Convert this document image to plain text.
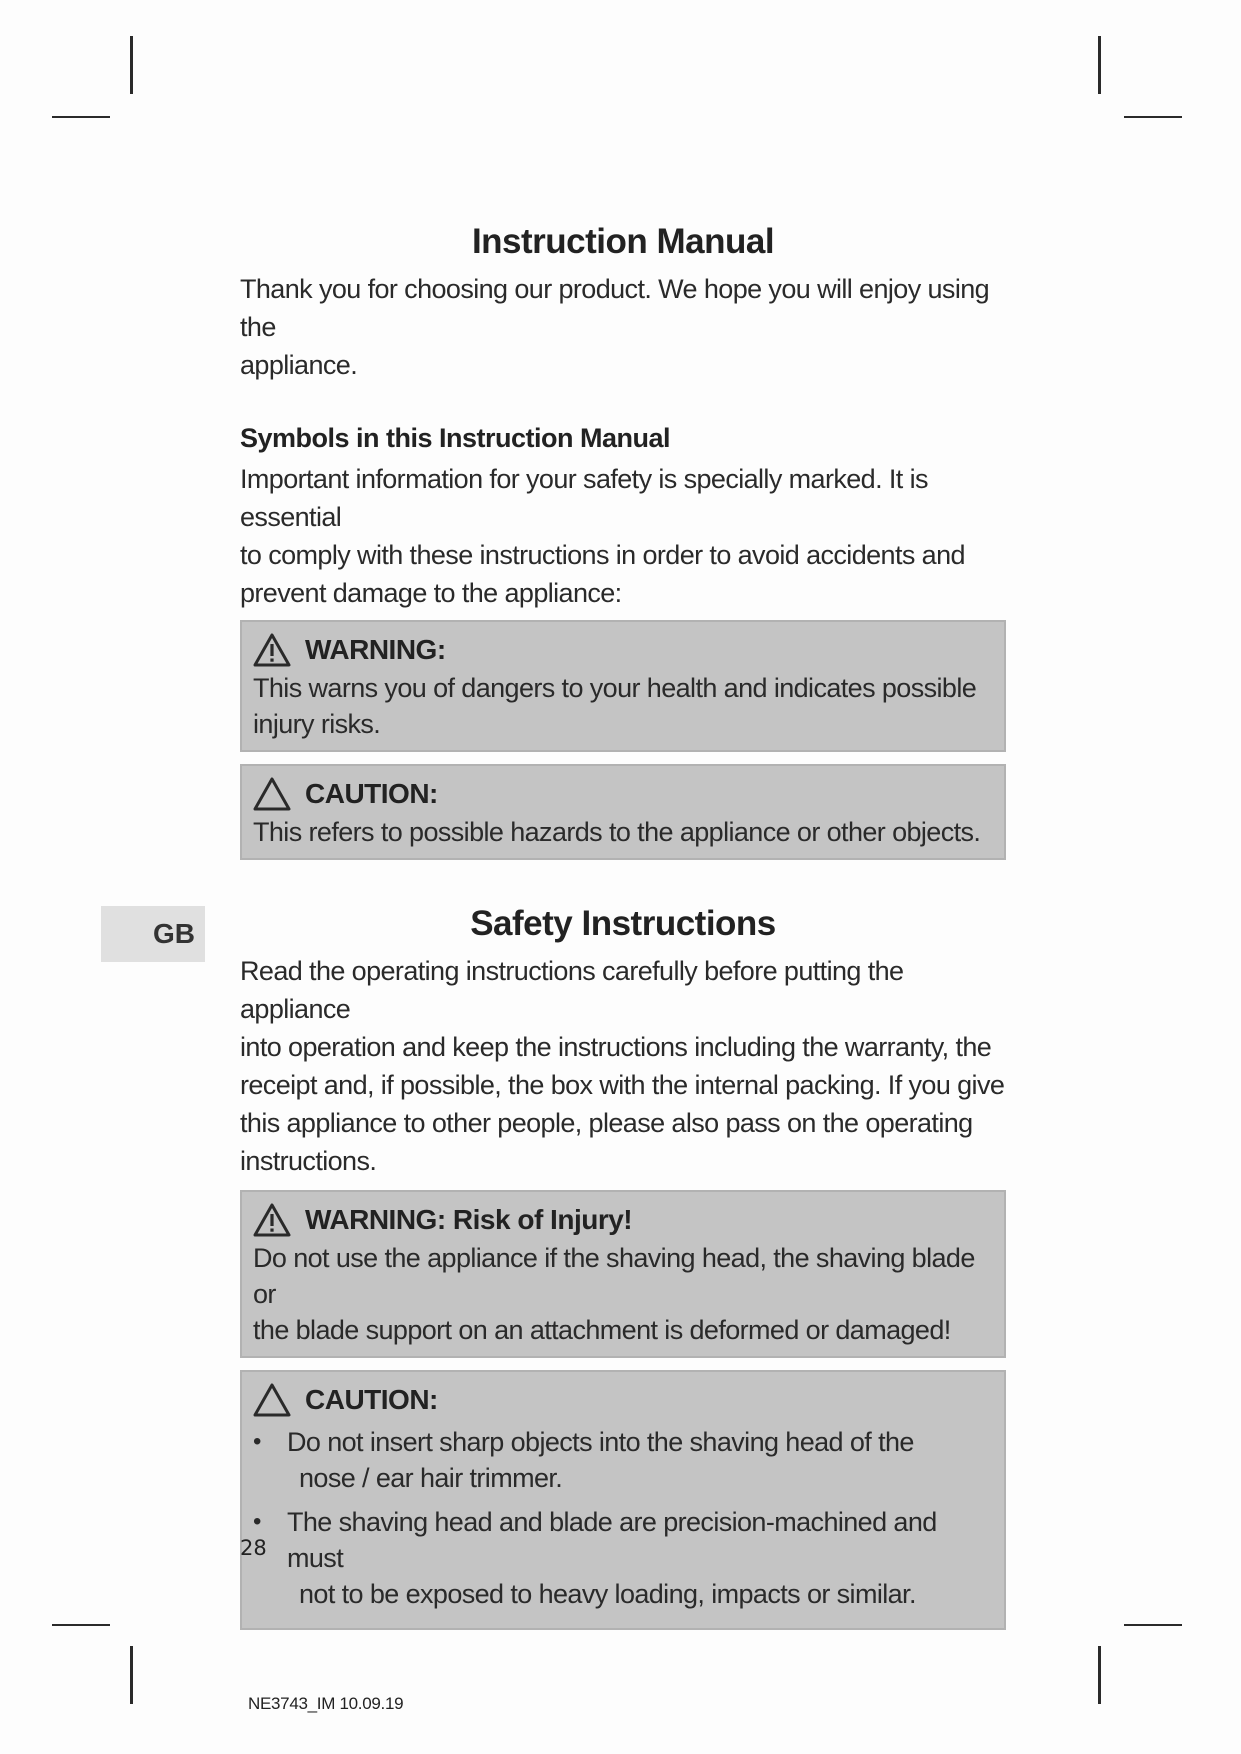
GB
Instruction Manual

Thank you for choosing our product. We hope you will enjoy using the
appliance.

Symbols in this Instruction Manual

Important information for your safety is specially marked. It is essential
to comply with these instructions in order to avoid accidents and
prevent damage to the appliance:

WARNING:
This warns you of dangers to your health and indicates possible
injury risks.
CAUTION:
This refers to possible hazards to the appliance or other objects.
Safety Instructions

Read the operating instructions carefully before putting the appliance
into operation and keep the instructions including the warranty, the
receipt and, if possible, the box with the internal packing. If you give
this appliance to other people, please also pass on the operating
instructions.

WARNING: Risk of Injury!
Do not use the appliance if the shaving head, the shaving blade or
the blade support on an attachment is deformed or damaged!
CAUTION:
• Do not insert sharp objects into the shaving head of the
nose / ear hair trimmer.
• The shaving head and blade are precision-machined and must
not to be exposed to heavy loading, impacts or similar.
28
NE3743_IM 10.09.19
